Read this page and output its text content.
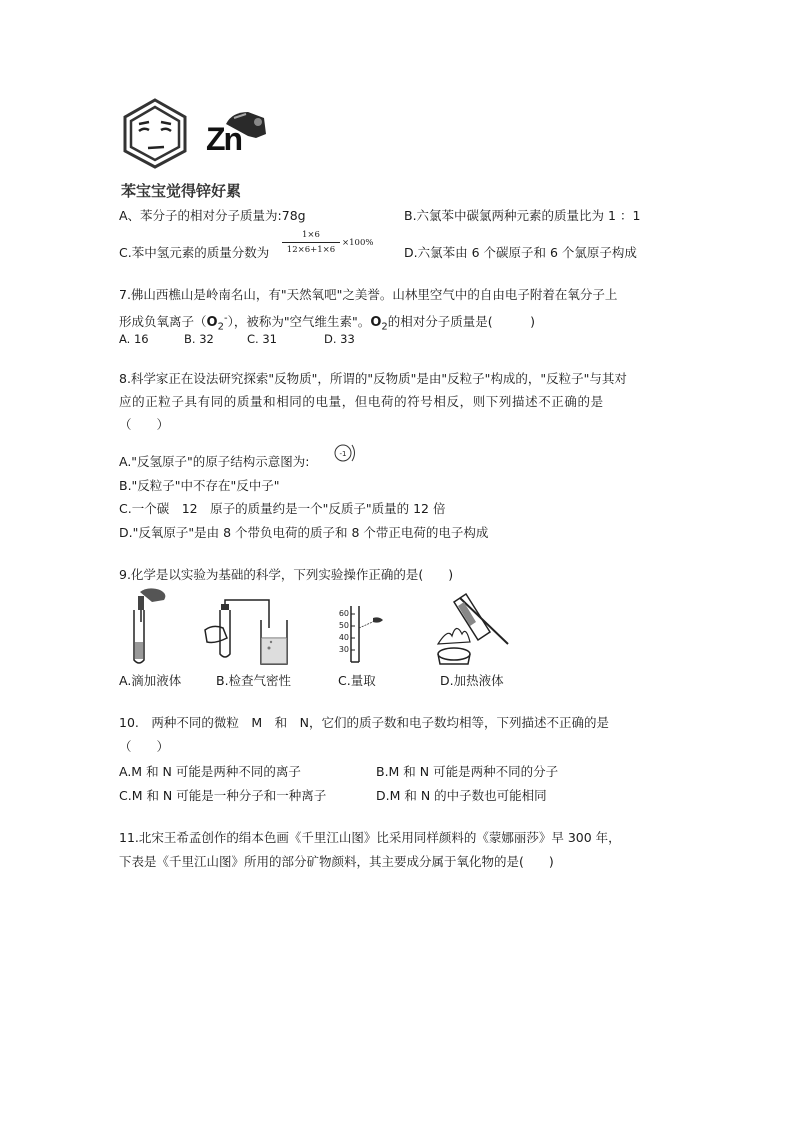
Zn
苯宝宝觉得锌好累
A、苯分子的相对分子质量为:78g	B.六氯苯中碳氯两种元素的质量比为 1 ：1
C.苯中氢元素的质量分数为
1×6
12×6+1×6
×100%
D.六氯苯由 6 个碳原子和 6 个氯原子构成
7.佛山西樵山是岭南名山，有"天然氧吧"之美誉。山林里空气中的自由电子附着在氧分子上
形成负氧离子$(O_2^-)$，被称为"空气维生素"。$O_2$的相对分子质量是(　　　)
A. 16	B. 32	C. 31	D. 33
8.科学家正在设法研究探索"反物质"，所谓的"反物质"是由"反粒子"构成的，"反粒子"与其对
应的正粒子具有同的质量和相同的电量，但电荷的符号相反，则下列描述不正确的是
（　　）
A."反氢原子"的原子结构示意图为:	-1
B."反粒子"中不存在"反中子"
C.一个碳　12　原子的质量约是一个"反质子"质量的 12 倍
D."反氧原子"是由 8 个带负电荷的质子和 8 个带正电荷的电子构成
9.化学是以实验为基础的科学，下列实验操作正确的是(　　)
60
50
40
30
A.滴加液体	B.检查气密性	C.量取	D.加热液体
10.　两种不同的微粒　M　和　N，它们的质子数和电子数均相等，下列描述不正确的是
（　　）
A.M 和 N 可能是两种不同的离子	B.M 和 N 可能是两种不同的分子
C.M 和 N 可能是一种分子和一种离子	D.M 和 N 的中子数也可能相同
11.北宋王希孟创作的绢本色画《千里江山图》比采用同样颜料的《蒙娜丽莎》早 300 年，
下表是《千里江山图》所用的部分矿物颜料，其主要成分属于氧化物的是(　　)
